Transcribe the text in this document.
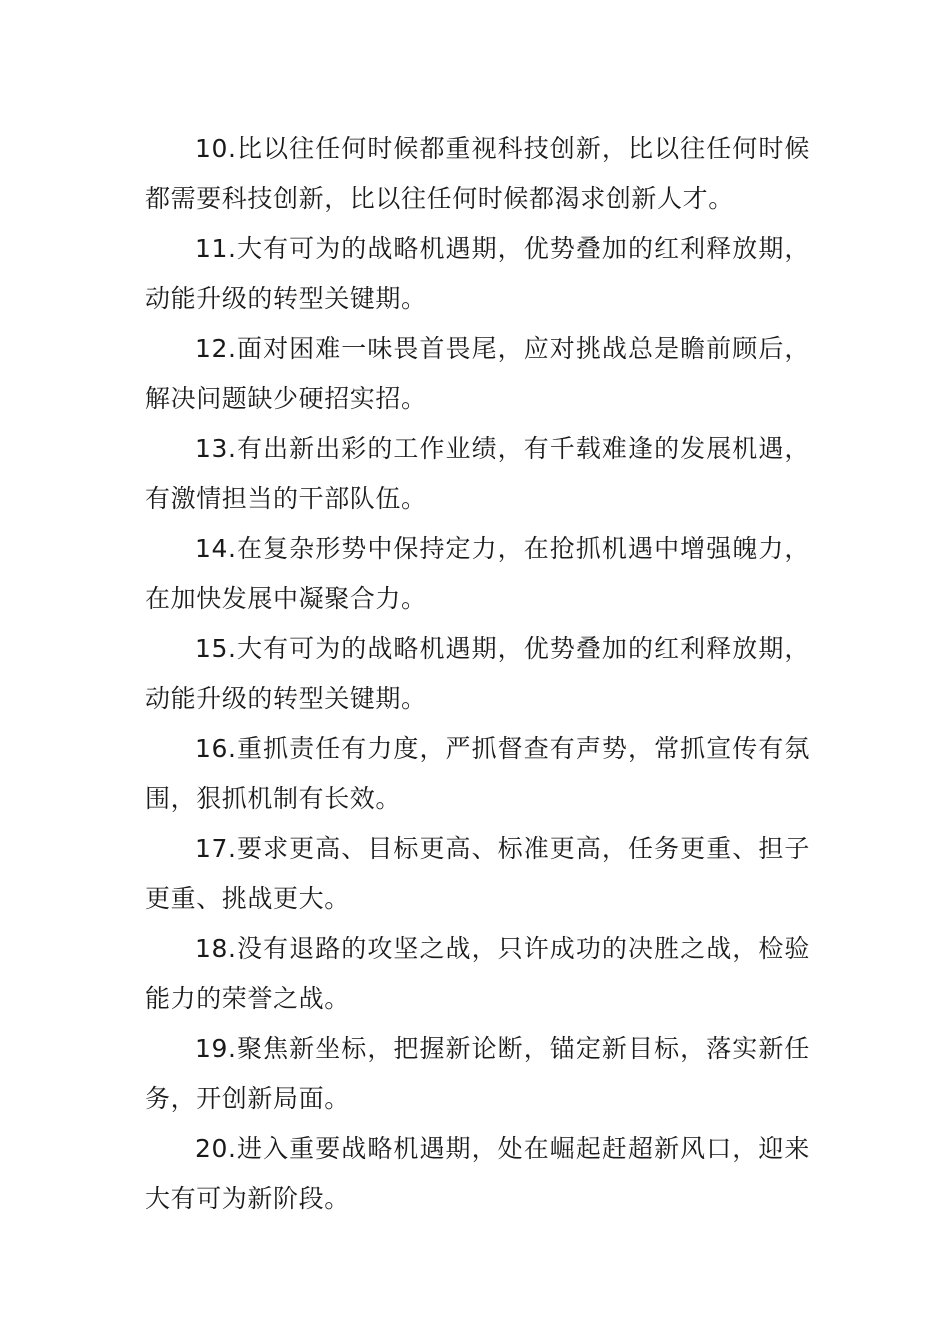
10.比以往任何时候都重视科技创新，比以往任何时候都需要科技创新，比以往任何时候都渴求创新人才。

11.大有可为的战略机遇期，优势叠加的红利释放期，动能升级的转型关键期。

12.面对困难一味畏首畏尾，应对挑战总是瞻前顾后，解决问题缺少硬招实招。

13.有出新出彩的工作业绩，有千载难逢的发展机遇，有激情担当的干部队伍。

14.在复杂形势中保持定力，在抢抓机遇中增强魄力，在加快发展中凝聚合力。

15.大有可为的战略机遇期，优势叠加的红利释放期，动能升级的转型关键期。

16.重抓责任有力度，严抓督查有声势，常抓宣传有氛围，狠抓机制有长效。

17.要求更高、目标更高、标准更高，任务更重、担子更重、挑战更大。

18.没有退路的攻坚之战，只许成功的决胜之战，检验能力的荣誉之战。

19.聚焦新坐标，把握新论断，锚定新目标，落实新任务，开创新局面。

20.进入重要战略机遇期，处在崛起赶超新风口，迎来大有可为新阶段。
